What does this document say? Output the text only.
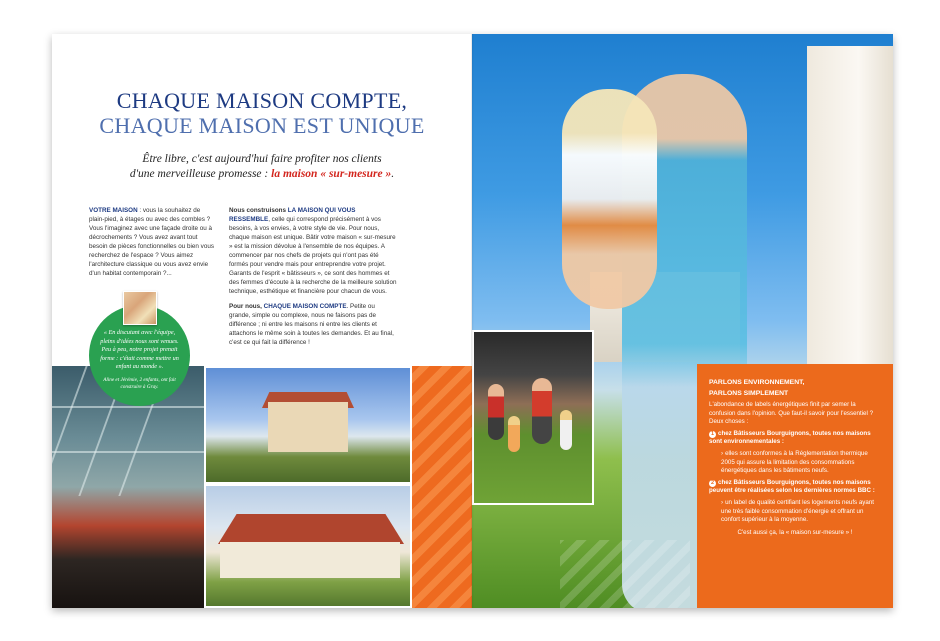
CHAQUE MAISON COMPTE,
CHAQUE MAISON EST UNIQUE
Être libre, c'est aujourd'hui faire profiter nos clients
d'une merveilleuse promesse : la maison « sur-mesure ».

VOTRE MAISON : vous la souhaitez de plain-pied, à étages ou avec des combles ? Vous l'imaginez avec une façade droite ou à décrochements ? Vous avez avant tout besoin de pièces fonctionnelles ou bien vous recherchez de l'espace ? Vous aimez l'architecture classique ou vous avez envie d'un habitat contemporain ?...

Nous construisons LA MAISON QUI VOUS RESSEMBLE, celle qui correspond précisément à vos besoins, à vos envies, à votre style de vie. Pour nous, chaque maison est unique. Bâtir votre maison « sur-mesure » est la mission dévolue à l'ensemble de nos équipes. A commencer par nos chefs de projets qui n'ont pas été formés pour vendre mais pour entreprendre votre projet. Garants de l'esprit « bâtisseurs », ce sont des hommes et des femmes d'écoute à la recherche de la meilleure solution technique, esthétique et financière pour chacun de vous.

Pour nous, CHAQUE MAISON COMPTE. Petite ou grande, simple ou complexe, nous ne faisons pas de différence ; ni entre les maisons ni entre les clients et attachons le même soin à toutes les demandes. Et au final, c'est ce qui fait la différence !

« En discutant avec l'équipe, pleins d'idées nous sont venues. Peu à peu, notre projet prenait forme : c'était comme mettre un enfant au monde ».
Aline et Jérémie, 2 enfants, ont fait construire à Gray.
PARLONS ENVIRONNEMENT,
PARLONS SIMPLEMENT

L'abondance de labels énergétiques finit par semer la confusion dans l'opinion. Que faut-il savoir pour l'essentiel ? Deux choses :

1 chez Bâtisseurs Bourguignons, toutes nos maisons sont environnementales :

› elles sont conformes à la Réglementation thermique 2005 qui assure la limitation des consommations énergétiques dans les bâtiments neufs.

2 chez Bâtisseurs Bourguignons, toutes nos maisons peuvent être réalisées selon les dernières normes BBC :

› un label de qualité certifiant les logements neufs ayant une très faible consommation d'énergie et offrant un confort supérieur à la moyenne.

C'est aussi ça, la « maison sur-mesure » !
